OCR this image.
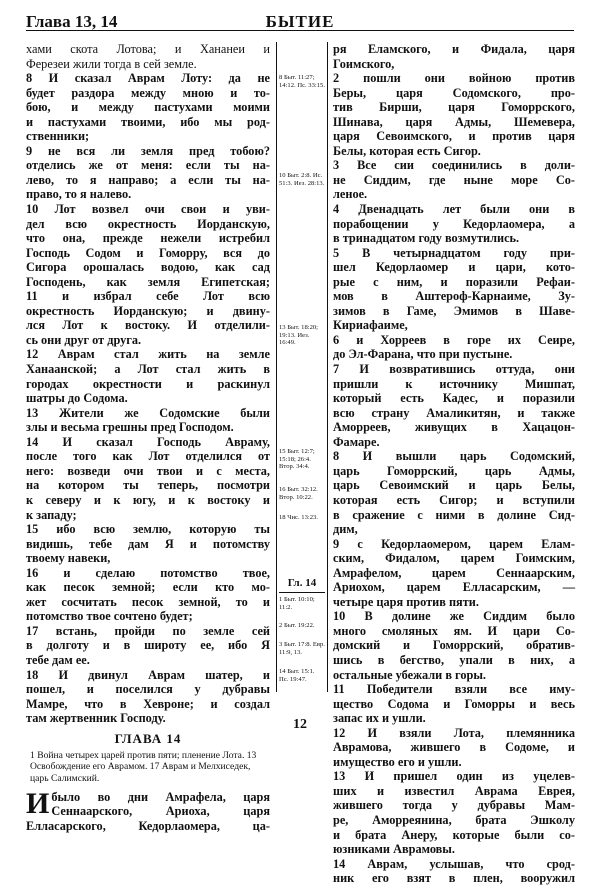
Глава 13, 14	БЫТИЕ
хами скота Лотова; и Хананеи и
Ферезеи жили тогда в сей земле.
8 И сказал Аврам Лоту: да не
будет раздора между мною и то-
бою, и между пастухами моими
и пастухами твоими, ибо мы род-
ственники;
9 не вся ли земля пред тобою?
отделись же от меня: если ты на-
лево, то я направо; а если ты на-
право, то я налево.
10 Лот возвел очи свои и уви-
дел всю окрестность Иорданскую,
что она, прежде нежели истребил
Господь Содом и Гоморру, вся до
Сигора орошалась водою, как сад
Господень, как земля Египетская;
11 и избрал себе Лот всю
окрестность Иорданскую; и двину-
лся Лот к востоку. И отделили-
сь они друг от друга.
12 Аврам стал жить на земле
Ханаанской; а Лот стал жить в
городах окрестности и раскинул
шатры до Содома.
13 Жители же Содомские были
злы и весьма грешны пред Господом.
14 И сказал Господь Авраму,
после того как Лот отделился от
него: возведи очи твои и с места,
на котором ты теперь, посмотри
к северу и к югу, и к востоку и
к западу;
15 ибо всю землю, которую ты
видишь, тебе дам Я и потомству
твоему навеки,
16 и сделаю потомство твое,
как песок земной; если кто мо-
жет сосчитать песок земной, то и
потомство твое сочтено будет;
17 встань, пройди по земле сей
в долготу и в широту ее, ибо Я
тебе дам ее.
18 И двинул Аврам шатер, и
пошел, и поселился у дубравы
Мамре, что в Хевроне; и создал
там жертвенник Господу.
ГЛАВА 14
1 Война четырех царей против пяти; пленение Лота. 13 Освобождение его Аврамом. 17 Аврам и Мелхиседек, царь Салимский.
И было во дни Амрафела, царя
Сеннаарского, Ариоха, царя
Елласарского, Кедорлаомера, ца-
8 Быт. 11:27; 14:12. Пс. 33:15.
10 Быт. 2:8. Ис. 51:3. Иез. 28:13.
13 Быт. 18:20; 19:13. Иез. 16:49.
15 Быт. 12:7; 15:18; 26:4. Втор. 34:4.
16 Быт. 32:12. Втор. 10:22.
18 Чис. 13:23.
Гл. 14
1 Быт. 10:10; 11:2.
2 Быт. 19:22.
3 Быт. 17:8. Евр. 11:9, 13.
14 Быт. 15:1. Пс. 19:47.
ря Еламского, и Фидала, царя
Гоимского,
2 пошли они войною против
Беры, царя Содомского, про-
тив Бирши, царя Гоморрского,
Шинава, царя Адмы, Шемевера,
царя Севоимского, и против царя
Белы, которая есть Сигор.
3 Все сии соединились в доли-
не Сиддим, где ныне море Со-
леное.
4 Двенадцать лет были они в
порабощении у Кедорлаомера, а
в тринадцатом году возмутились.
5 В четырнадцатом году при-
шел Кедорлаомер и цари, кото-
рые с ним, и поразили Рефаи-
мов в Аштероф-Карнаиме, Зу-
зимов в Гаме, Эмимов в Шаве-
Кириафаиме,
6 и Хорреев в горе их Сеире,
до Эл-Фарана, что при пустыне.
7 И возвратившись оттуда, они
пришли к источнику Мишпат,
который есть Кадес, и поразили
всю страну Амаликитян, и также
Аморреев, живущих в Хацацон-
Фамаре.
8 И вышли царь Содомский,
царь Гоморрский, царь Адмы,
царь Севоимский и царь Белы,
которая есть Сигор; и вступили
в сражение с ними в долине Сид-
дим,
9 с Кедорлаомером, царем Елам-
ским, Фидалом, царем Гоимским,
Амрафелом, царем Сеннаарским,
Ариохом, царем Елласарским, —
четыре царя против пяти.
10 В долине же Сиддим было
много смоляных ям. И цари Со-
домский и Гоморрский, обратив-
шись в бегство, упали в них, а
остальные убежали в горы.
11 Победители взяли все иму-
щество Содома и Гоморры и весь
запас их и ушли.
12 И взяли Лота, племянника
Аврамова, жившего в Содоме, и
имущество его и ушли.
13 И пришел один из уцелев-
ших и известил Аврама Еврея,
жившего тогда у дубравы Мам-
ре, Аморреянина, брата Эшколу
и брата Анеру, которые были со-
юзниками Аврамовы.
14 Аврам, услышав, что срод-
ник его взят в плен, вооружил
12
